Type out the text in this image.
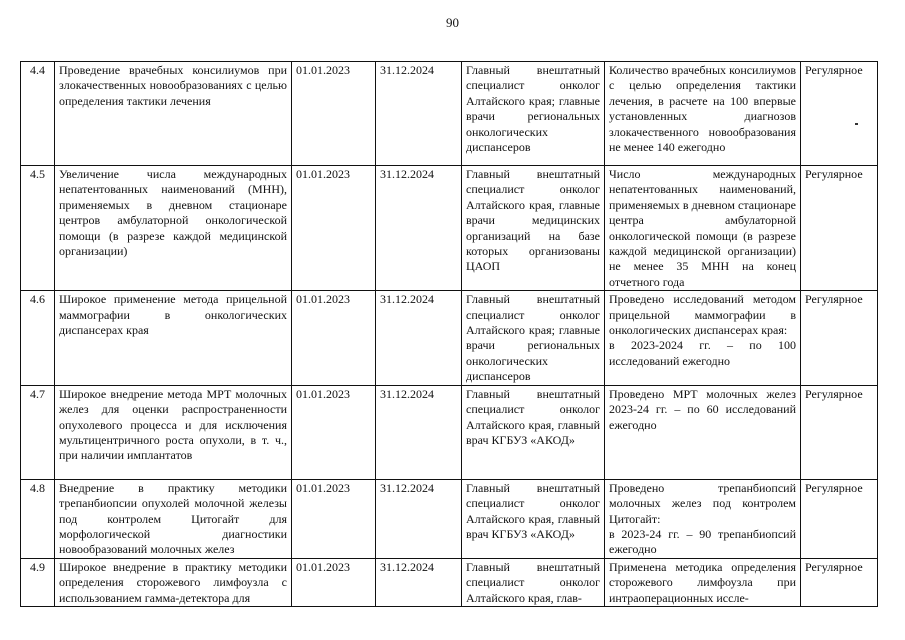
90
4.4	Проведение врачебных консилиумов при злокачественных новообразованиях с целью определения тактики лечения	01.01.2023	31.12.2024	Главный внештатный специалист онколог Алтайского края; главные врачи региональных онкологических диспансеров	Количество врачебных консилиумов с целью определения тактики лечения, в расчете на 100 впервые установленных диагнозов злокачественного новообразования не менее 140 ежегодно	Регулярное
4.5	Увеличение числа международных непатентованных наименований (МНН), применяемых в дневном стационаре центров амбулаторной онкологической помощи (в разрезе каждой медицинской организации)	01.01.2023	31.12.2024	Главный внештатный специалист онколог Алтайского края, главные врачи медицинских организаций на базе которых организованы ЦАОП	Число международных непатентованных наименований, применяемых в дневном стационаре центра амбулаторной онкологической помощи (в разрезе каждой медицинской организации) не менее 35 МНН на конец отчетного года	Регулярное
4.6	Широкое применение метода прицельной маммографии в онкологических диспансерах края	01.01.2023	31.12.2024	Главный внештатный специалист онколог Алтайского края; главные врачи региональных онкологических диспансеров	Проведено исследований методом прицельной маммографии в онкологических диспансерах края:
в 2023-2024 гг. – по 100 исследований ежегодно	Регулярное
4.7	Широкое внедрение метода МРТ молочных желез для оценки распространенности опухолевого процесса и для исключения мультицентричного роста опухоли, в т. ч., при наличии имплантатов	01.01.2023	31.12.2024	Главный внештатный специалист онколог Алтайского края, главный врач КГБУЗ «АКОД»	Проведено МРТ молочных желез 2023-24 гг. – по 60 исследований ежегодно	Регулярное
4.8	Внедрение в практику методики трепанбиопсии опухолей молочной железы под контролем Цитогайт для морфологической диагностики новообразований молочных желез	01.01.2023	31.12.2024	Главный внештатный специалист онколог Алтайского края, главный врач КГБУЗ «АКОД»	Проведено трепанбиопсий молочных желез под контролем Цитогайт:
в 2023-24 гг. – 90 трепанбиопсий ежегодно	Регулярное
4.9	Широкое внедрение в практику методики определения сторожевого лимфоузла с использованием гамма-детектора для	01.01.2023	31.12.2024	Главный внештатный специалист онколог Алтайского края, глав-	Применена методика определения сторожевого лимфоузла при интраоперационных иссле-	Регулярное
